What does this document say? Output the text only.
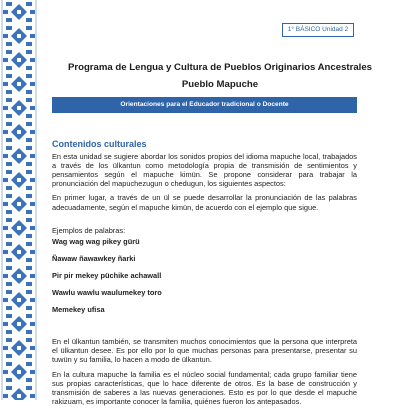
1° BÁSICO Unidad 2
Programa de Lengua y Cultura de Pueblos Originarios Ancestrales
Pueblo Mapuche
Orientaciones para el Educador tradicional o Docente
Contenidos culturales

En esta unidad se sugiere abordar los sonidos propios del idioma mapuche local, trabajados a través de los ülkantun como metodología propia de transmisión de sentimientos y pensamientos según el mapuche kimün. Se propone considerar para trabajar la pronunciación del mapuchezugun o chedugun, los siguientes aspectos:

En primer lugar, a través de un ül se puede desarrollar la pronunciación de las palabras adecuadamente, según el mapuche kimün, de acuerdo con el ejemplo que sigue.

Ejemplos de palabras:

Wag wag wag pikey gürü

Ñawaw ñawawkey ñarki

Pir pir mekey püchike achawall

Wawlu wawlu waulumekey toro

Memekey ufisa

En el ülkantun también, se transmiten muchos conocimientos que la persona que interpreta el ülkantun desee. Es por ello por lo que muchas personas para presentarse, presentar su tuwün y su familia, lo hacen a modo de ülkantun.

En la cultura mapuche la familia es el núcleo social fundamental; cada grupo familiar tiene sus propias características, que lo hace diferente de otros. Es la base de construcción y transmisión de saberes a las nuevas generaciones. Esto es por lo que desde el mapuche rakizuam, es importante conocer la familia, quiénes fueron los antepasados.
